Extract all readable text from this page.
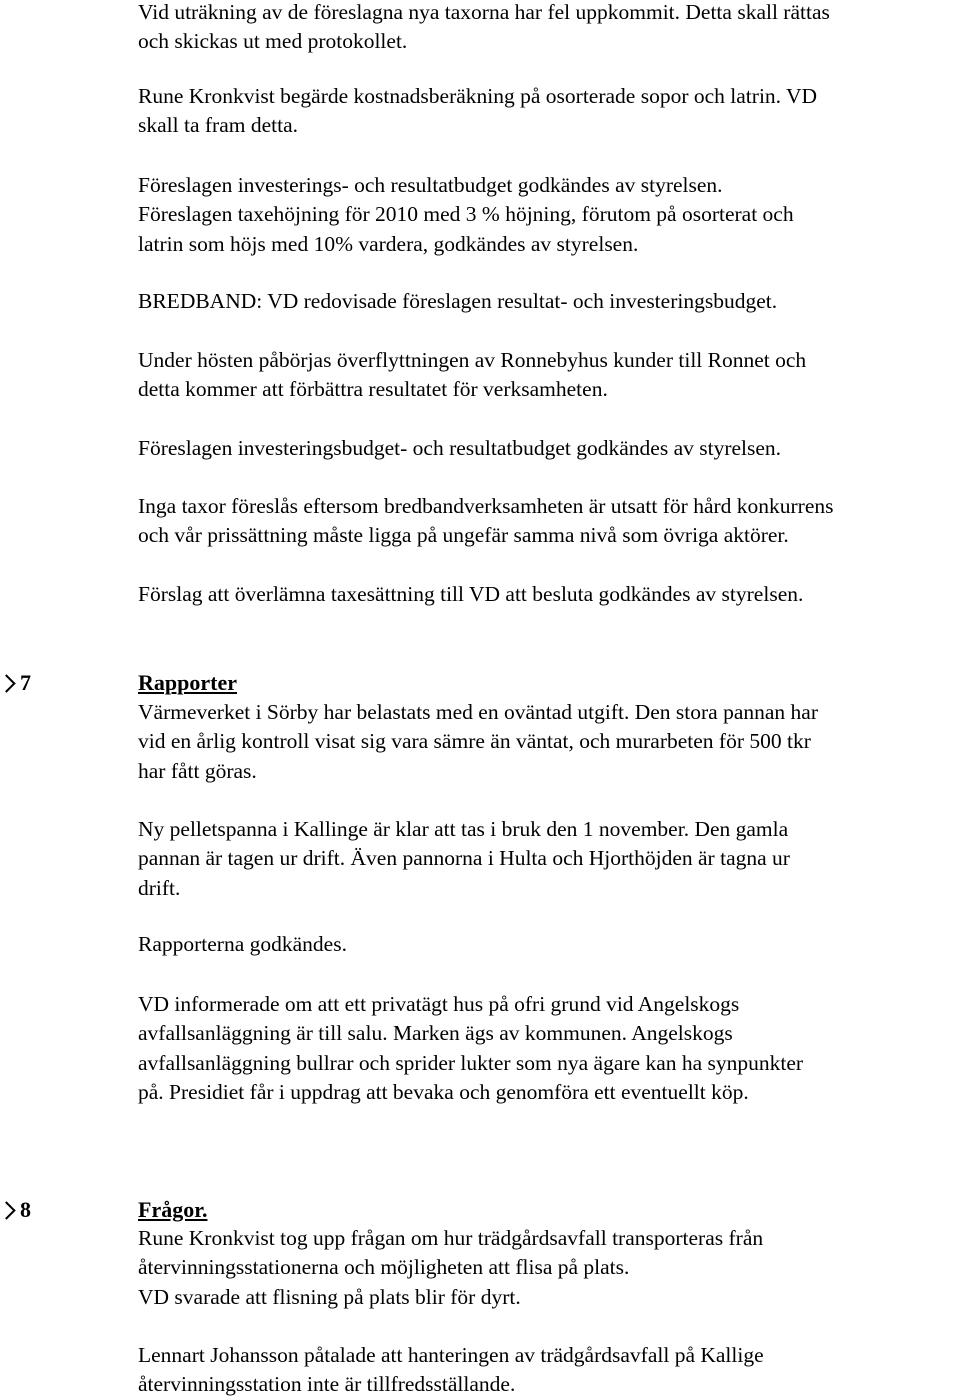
Vid uträkning av de föreslagna nya taxorna har fel uppkommit. Detta skall rättas
och skickas ut med protokollet.

Rune Kronkvist begärde kostnadsberäkning på osorterade sopor och latrin. VD
skall ta fram detta.

Föreslagen investerings- och resultatbudget godkändes av styrelsen.
Föreslagen taxehöjning för 2010 med 3 % höjning, förutom på osorterat och
latrin som höjs med 10% vardera, godkändes av styrelsen.

BREDBAND: VD redovisade föreslagen resultat- och investeringsbudget.

Under hösten påbörjas överflyttningen av Ronnebyhus kunder till Ronnet och
detta kommer att förbättra resultatet för verksamheten.

Föreslagen investeringsbudget- och resultatbudget godkändes av styrelsen.

Inga taxor föreslås eftersom bredbandverksamheten är utsatt för hård konkurrens
och vår prissättning måste ligga på ungefär samma nivå som övriga aktörer.

Förslag att överlämna taxesättning till VD att besluta godkändes av styrelsen.

7	Rapporter

Värmeverket i Sörby har belastats med en oväntad utgift. Den stora pannan har
vid en årlig kontroll visat sig vara sämre än väntat, och murarbeten för 500 tkr
har fått göras.

Ny pelletspanna i Kallinge är klar att tas i bruk den 1 november. Den gamla
pannan är tagen ur drift. Även pannorna i Hulta och Hjorthöjden är tagna ur
drift.

Rapporterna godkändes.

VD informerade om att ett privatägt hus på ofri grund vid Angelskogs
avfallsanläggning är till salu. Marken ägs av kommunen. Angelskogs
avfallsanläggning bullrar och sprider lukter som nya ägare kan ha synpunkter
på. Presidiet får i uppdrag att bevaka och genomföra ett eventuellt köp.

8	Frågor.

Rune Kronkvist tog upp frågan om hur trädgårdsavfall transporteras från
återvinningsstationerna och möjligheten att flisa på plats.
VD svarade att flisning på plats blir för dyrt.

Lennart Johansson påtalade att hanteringen av trädgårdsavfall på Kallige
återvinningsstation inte är tillfredsställande.
